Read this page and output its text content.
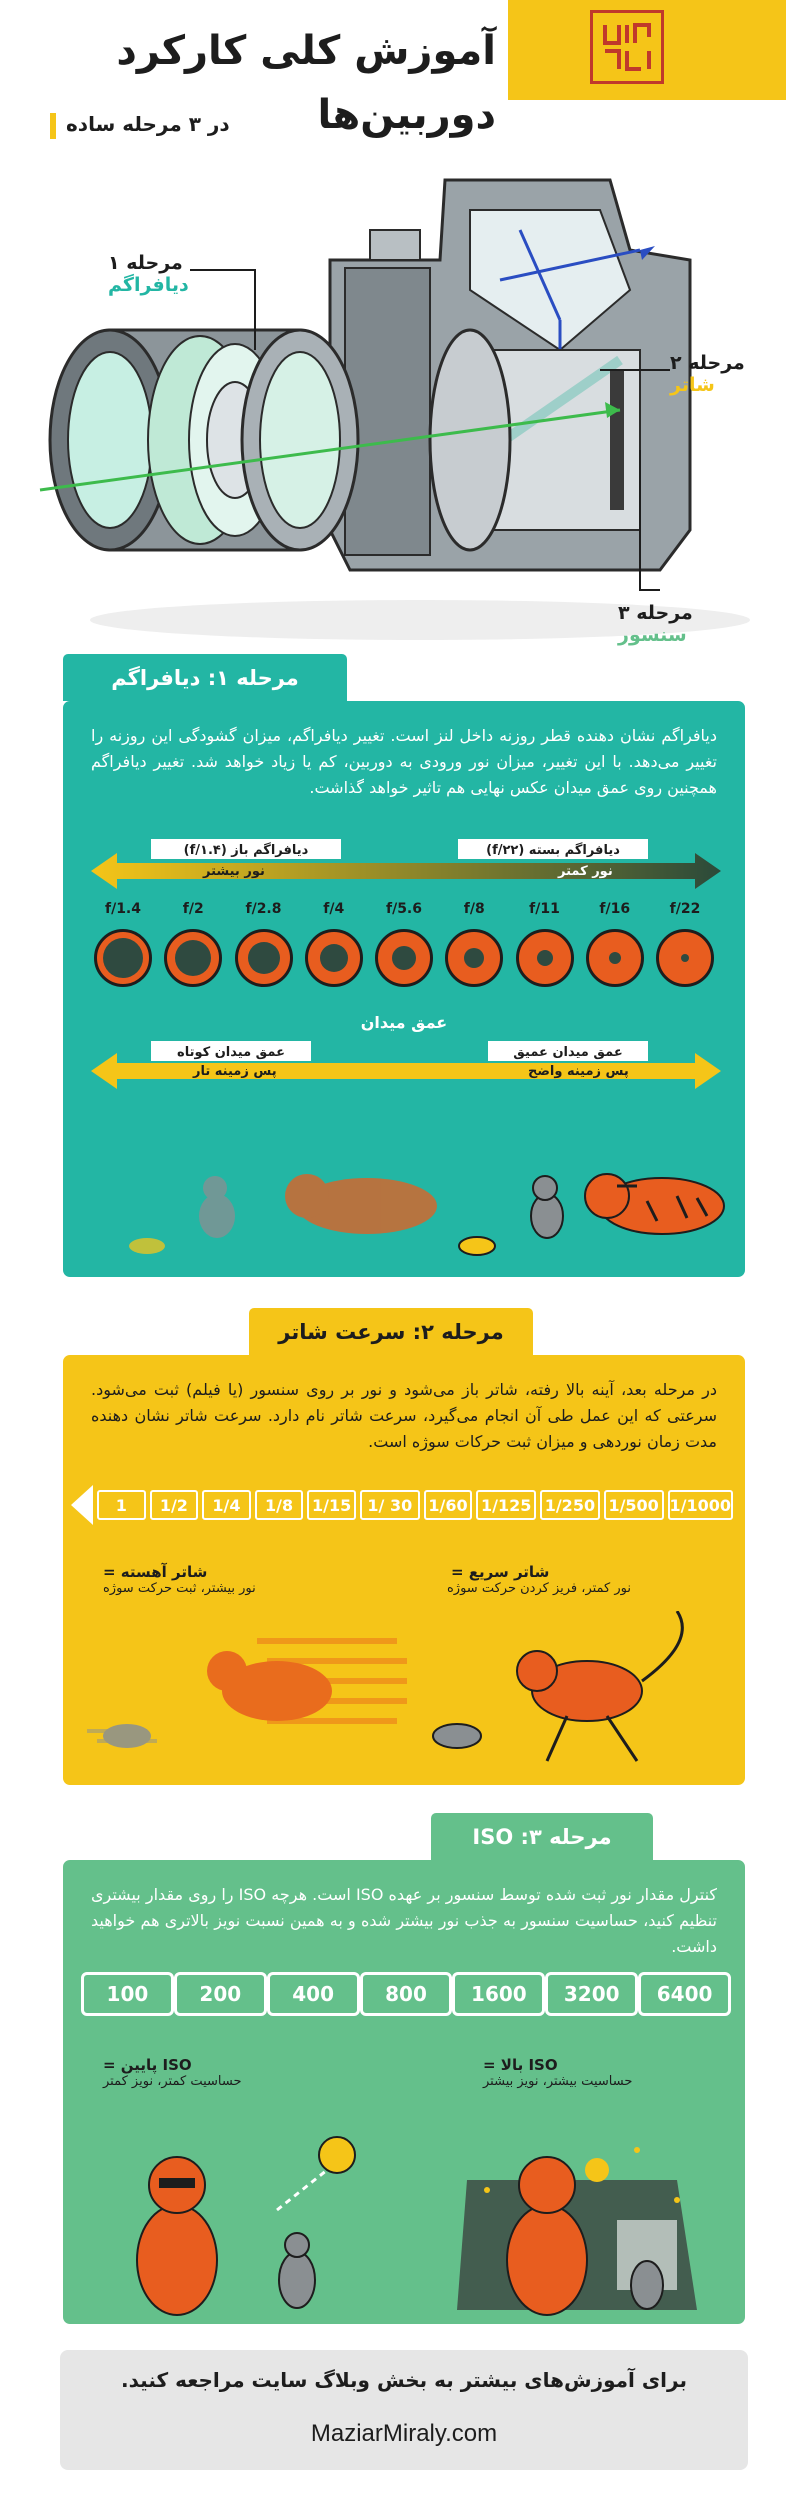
آموزش کلی کارکرد
دوربین‌ها
در ۳ مرحله ساده
مرحله ۱
دیافراگم
مرحله ۲
شاتر
مرحله ۳
سنسور
مرحله ۱: دیافراگم
دیافراگم نشان دهنده قطر روزنه داخل لنز است. تغییر دیافراگم، میزان گشودگی این روزنه را تغییر می‌دهد. با این تغییر، میزان نور ورودی به دوربین، کم یا زیاد خواهد شد. تغییر دیافراگم همچنین روی عمق میدان عکس نهایی هم تاثیر خواهد گذاشت.
دیافراگم باز (f/۱.۴)
نور بیشتر
دیافراگم بسته (f/۲۲)
نور کمتر
f/1.4	f/2	f/2.8	f/4	f/5.6	f/8	f/11	f/16	f/22
عمق میدان
عمق میدان کوتاه
پس زمینه تار
عمق میدان عمیق
پس زمینه واضح
مرحله ۲: سرعت شاتر
در مرحله بعد، آینه بالا رفته، شاتر باز می‌شود و نور بر روی سنسور (یا فیلم) ثبت می‌شود. سرعتی که این عمل طی آن انجام می‌گیرد، سرعت شاتر نام دارد. سرعت شاتر نشان دهنده مدت زمان نوردهی و میزان ثبت حرکات سوژه است.
1	1/2	1/4	1/8	1/15	1/ 30	1/60 1/125 1/250 1/500 1/1000
شاتر آهسته =
نور بیشتر، ثبت حرکت سوژه
شاتر سریع =
نور کمتر، فریز کردن حرکت سوژه
مرحله ۳: ISO
کنترل مقدار نور ثبت شده توسط سنسور بر عهده ISO است. هرچه ISO را روی مقدار بیشتری تنظیم کنید، حساسیت سنسور به جذب نور بیشتر شده و به همین نسبت نویز بالاتری هم خواهید داشت.
100	200	400	800	1600	3200	6400
ISO پایین =
حساسیت کمتر، نویز کمتر
ISO بالا =
حساسیت بیشتر، نویز بیشتر
برای آموزش‌های بیشتر به بخش وبلاگ سایت مراجعه کنید.
MaziarMiraly.com
